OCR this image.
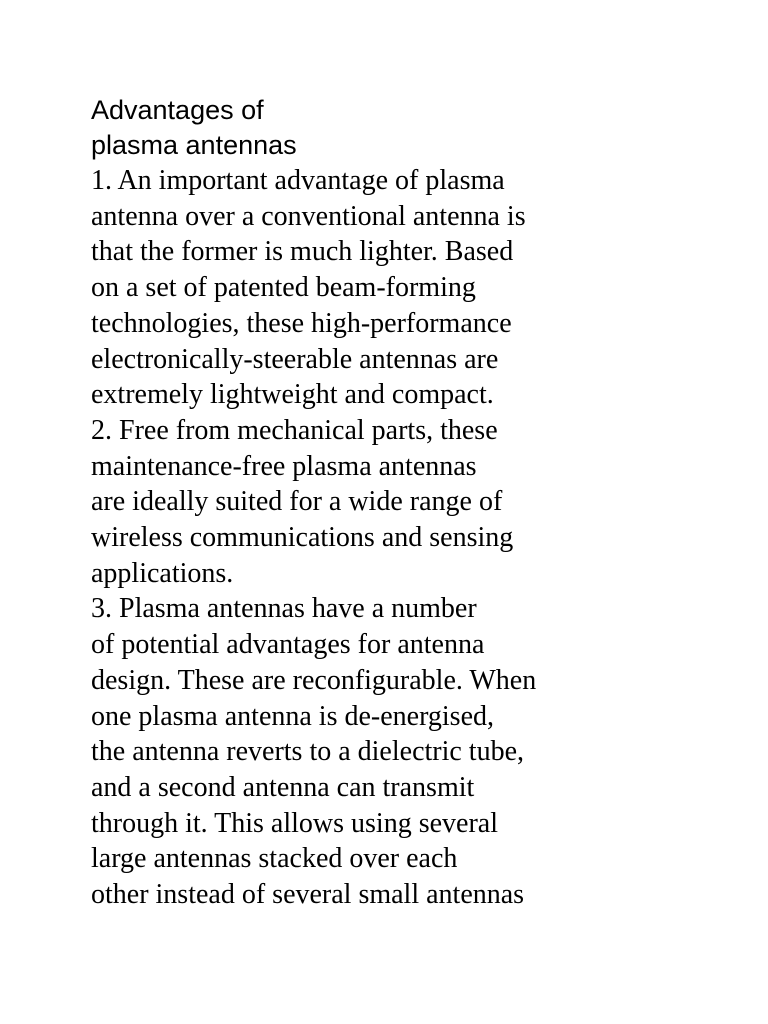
Advantages of
plasma antennas
1. An important advantage of plasma
antenna over a conventional antenna is
that the former is much lighter. Based
on a set of patented beam-forming
technologies, these high-performance
electronically-steerable antennas are
extremely lightweight and compact.
2. Free from mechanical parts, these
maintenance-free plasma antennas
are ideally suited for a wide range of
wireless communications and sensing
applications.
3. Plasma antennas have a number
of potential advantages for antenna
design. These are reconfigurable. When
one plasma antenna is de-energised,
the antenna reverts to a dielectric tube,
and a second antenna can transmit
through it. This allows using several
large antennas stacked over each
other instead of several small antennas
